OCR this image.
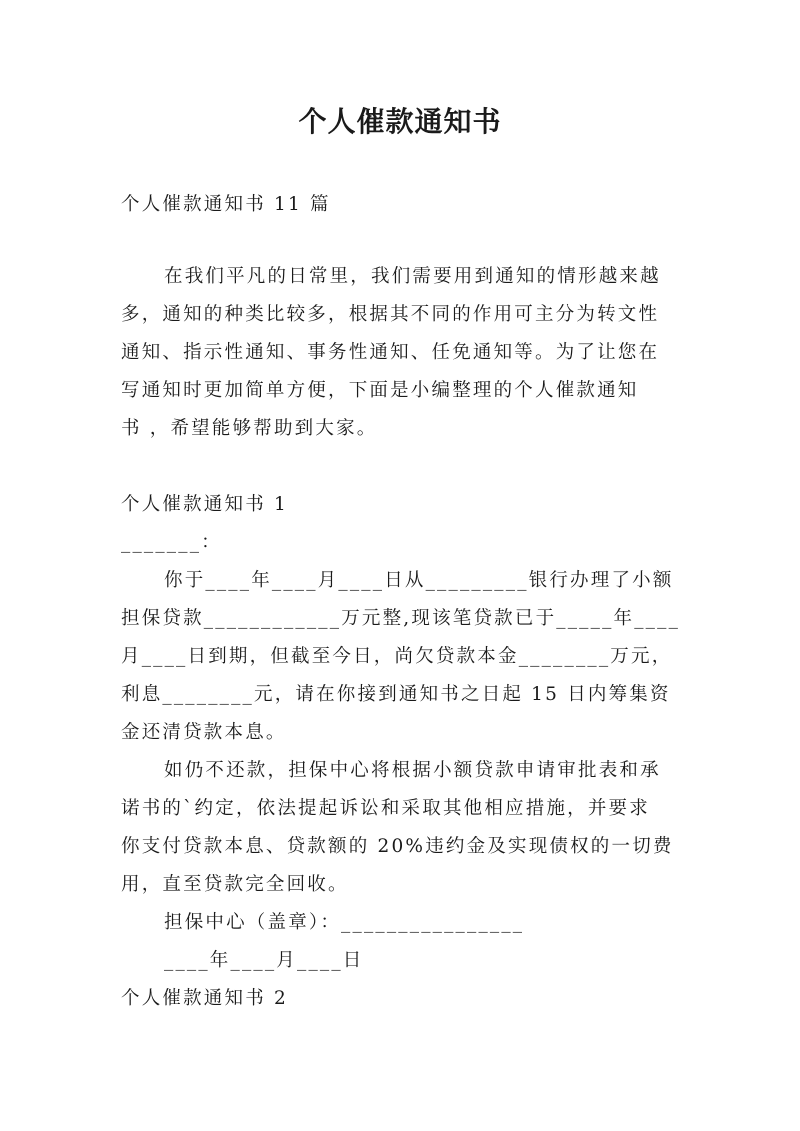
个人催款通知书
个人催款通知书 11 篇
在我们平凡的日常里，我们需要用到通知的情形越来越
多，通知的种类比较多，根据其不同的作用可主分为转文性
通知、指示性通知、事务性通知、任免通知等。为了让您在
写通知时更加简单方便，下面是小编整理的个人催款通知
书 ，希望能够帮助到大家。
个人催款通知书 1
_______：
你于____年____月____日从_________银行办理了小额
担保贷款____________万元整,现该笔贷款已于_____年____
月____日到期，但截至今日，尚欠贷款本金________万元，
利息________元，请在你接到通知书之日起 15 日内筹集资
金还清贷款本息。
如仍不还款，担保中心将根据小额贷款申请审批表和承
诺书的`约定，依法提起诉讼和采取其他相应措施，并要求
你支付贷款本息、贷款额的 20%违约金及实现债权的一切费
用，直至贷款完全回收。
担保中心（盖章）：________________
____年____月____日
个人催款通知书 2
